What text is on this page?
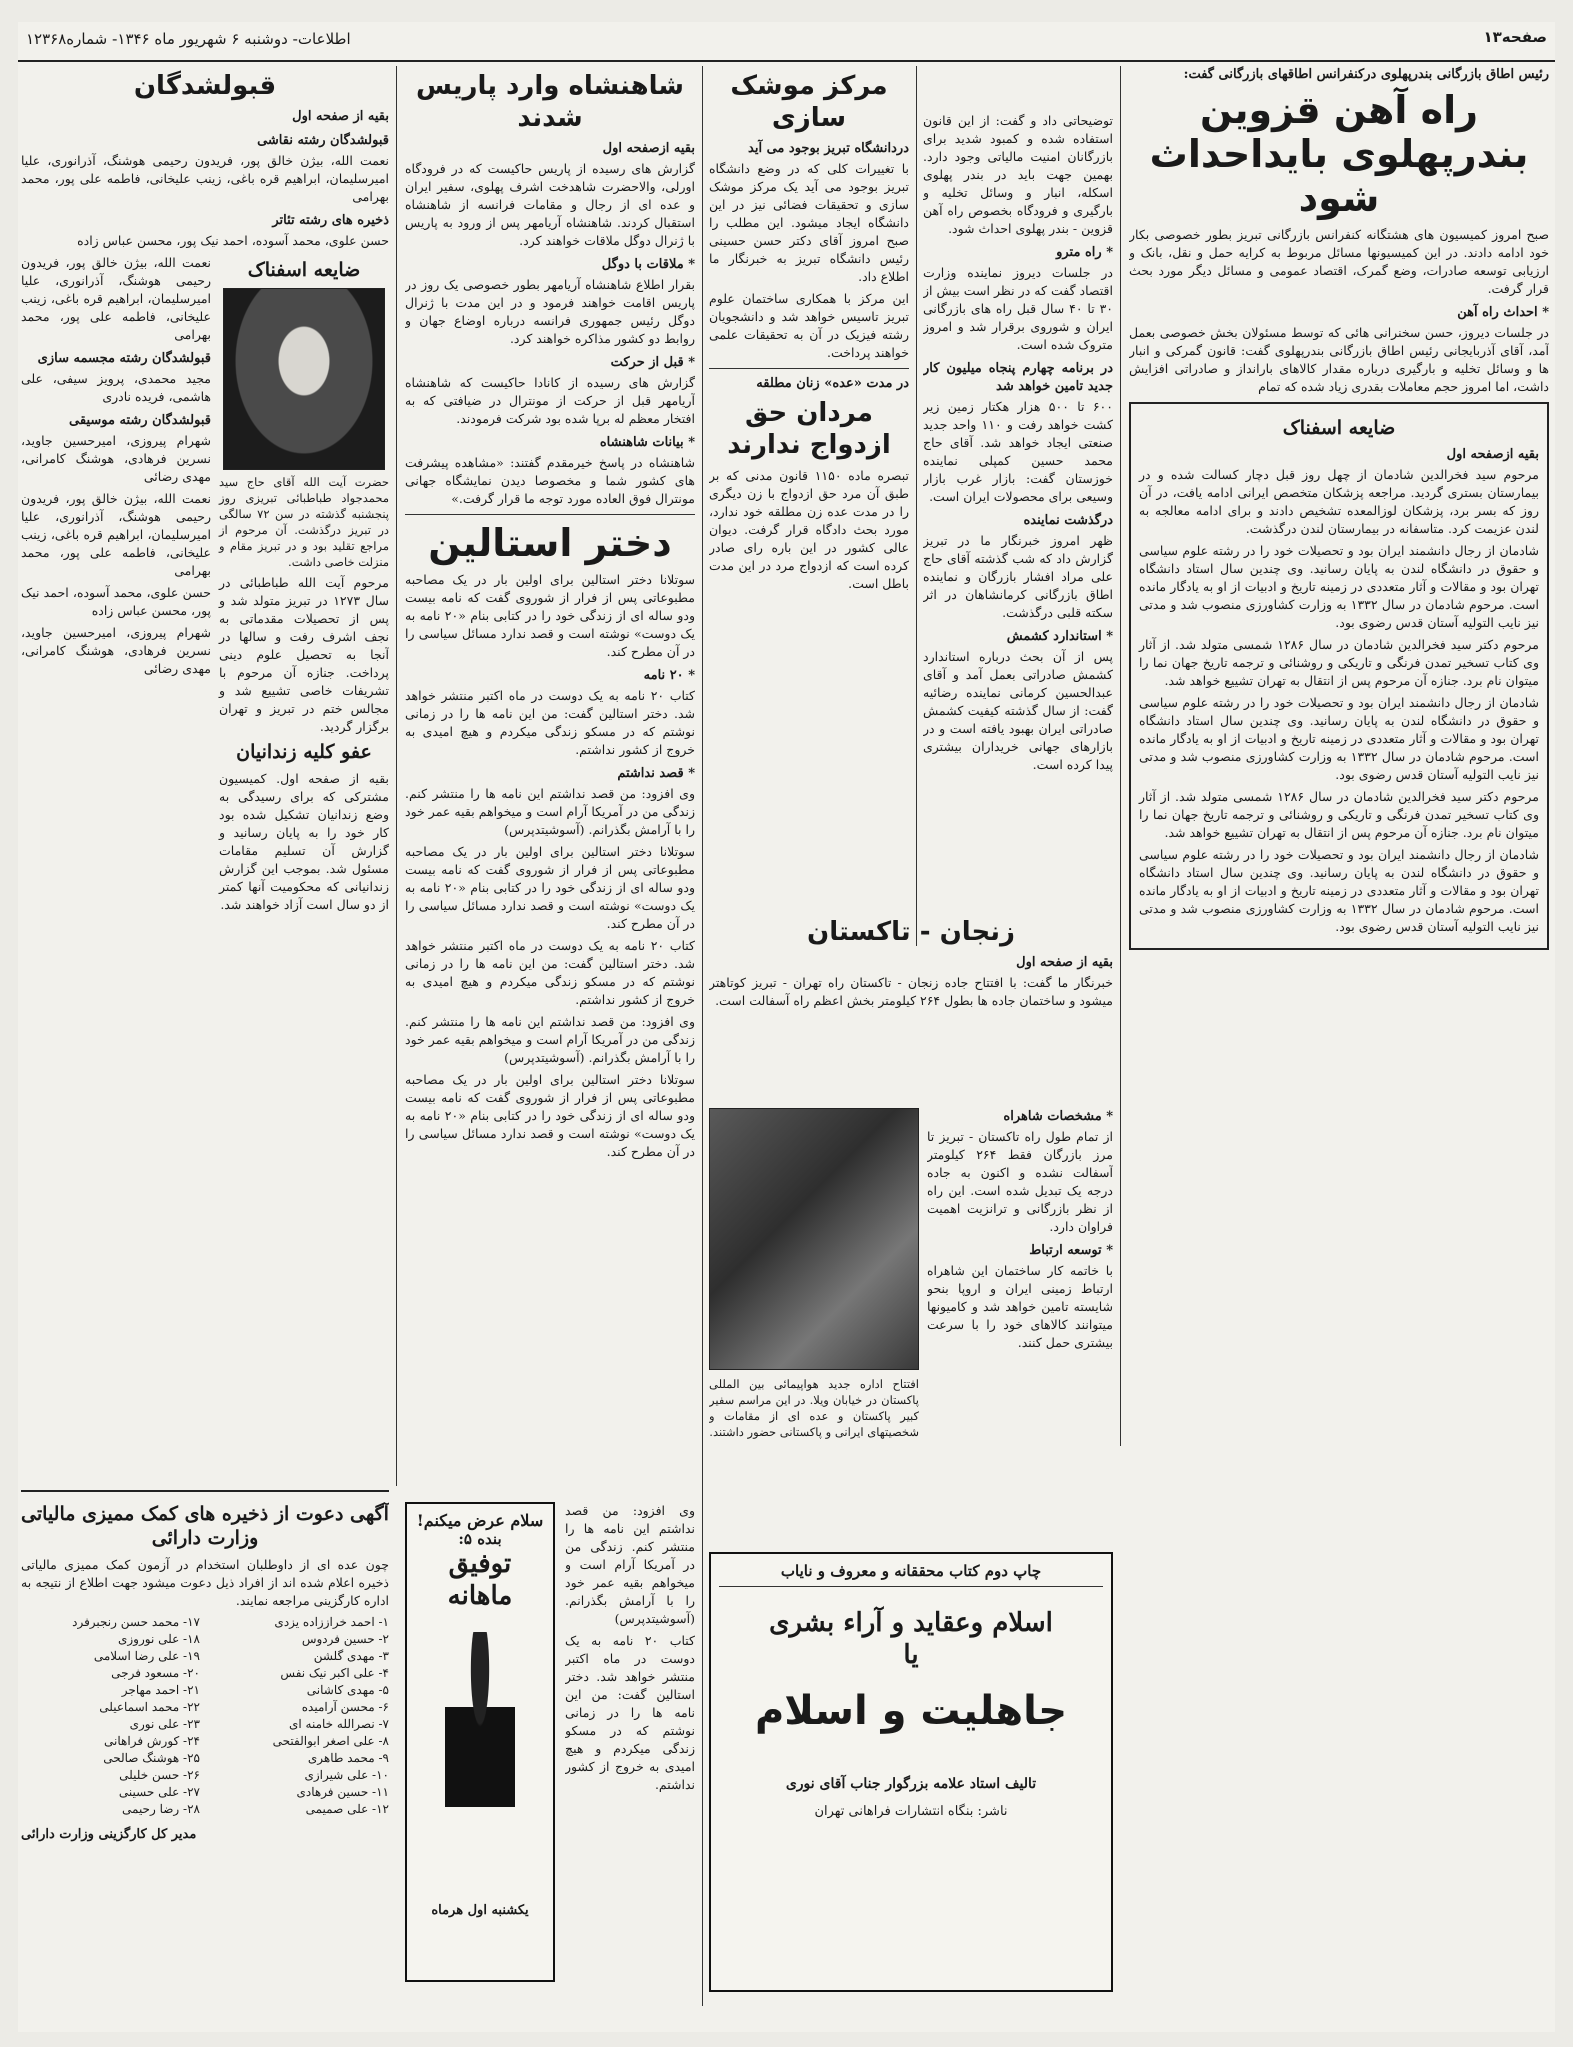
صفحه۱۳
اطلاعات- دوشنبه ۶ شهریور ماه ۱۳۴۶- شماره۱۲۳۶۸
رئیس اطاق بازرگانی بندرپهلوی درکنفرانس اطاقهای بازرگانی گفت:
راه آهن قزوین بندرپهلوی بایداحداث شود

صبح امروز کمیسیون های هشتگانه کنفرانس بازرگانی تبریز بطور خصوصی بکار خود ادامه دادند. در این کمیسیونها مسائل مربوط به کرایه حمل و نقل، بانک و ارزیابی توسعه صادرات، وضع گمرک، اقتصاد عمومی و مسائل دیگر مورد بحث قرار گرفت.

* احداث راه آهن

در جلسات دیروز، حسن سخنرانی هائی که توسط مسئولان بخش خصوصی بعمل آمد، آقای آذربایجانی رئیس اطاق بازرگانی بندرپهلوی گفت: قانون گمرکی و انبار ها و وسائل تخلیه و بارگیری درباره مقدار کالاهای بارانداز و صادراتی افزایش داشت، اما امروز حجم معاملات بقدری زیاد شده که تمام

ضایعه اسفناک
بقیه ازصفحه اول

مرحوم سید فخرالدین شادمان از چهل روز قبل دچار کسالت شده و در بیمارستان بستری گردید. مراجعه پزشکان متخصص ایرانی ادامه یافت، در آن روز که بسر برد، پزشکان لوزالمعده تشخیص دادند و برای ادامه معالجه به لندن عزیمت کرد. متاسفانه در بیمارستان لندن درگذشت.

شادمان از رجال دانشمند ایران بود و تحصیلات خود را در رشته علوم سیاسی و حقوق در دانشگاه لندن به پایان رسانید. وی چندین سال استاد دانشگاه تهران بود و مقالات و آثار متعددی در زمینه تاریخ و ادبیات از او به یادگار مانده است. مرحوم شادمان در سال ۱۳۳۲ به وزارت کشاورزی منصوب شد و مدتی نیز نایب التولیه آستان قدس رضوی بود.

مرحوم دکتر سید فخرالدین شادمان در سال ۱۲۸۶ شمسی متولد شد. از آثار وی کتاب تسخیر تمدن فرنگی و تاریکی و روشنائی و ترجمه تاریخ جهان نما را میتوان نام برد. جنازه آن مرحوم پس از انتقال به تهران تشییع خواهد شد.

شادمان از رجال دانشمند ایران بود و تحصیلات خود را در رشته علوم سیاسی و حقوق در دانشگاه لندن به پایان رسانید. وی چندین سال استاد دانشگاه تهران بود و مقالات و آثار متعددی در زمینه تاریخ و ادبیات از او به یادگار مانده است. مرحوم شادمان در سال ۱۳۳۲ به وزارت کشاورزی منصوب شد و مدتی نیز نایب التولیه آستان قدس رضوی بود.

مرحوم دکتر سید فخرالدین شادمان در سال ۱۲۸۶ شمسی متولد شد. از آثار وی کتاب تسخیر تمدن فرنگی و تاریکی و روشنائی و ترجمه تاریخ جهان نما را میتوان نام برد. جنازه آن مرحوم پس از انتقال به تهران تشییع خواهد شد.

شادمان از رجال دانشمند ایران بود و تحصیلات خود را در رشته علوم سیاسی و حقوق در دانشگاه لندن به پایان رسانید. وی چندین سال استاد دانشگاه تهران بود و مقالات و آثار متعددی در زمینه تاریخ و ادبیات از او به یادگار مانده است. مرحوم شادمان در سال ۱۳۳۲ به وزارت کشاورزی منصوب شد و مدتی نیز نایب التولیه آستان قدس رضوی بود.

توضیحاتی داد و گفت: از این قانون استفاده شده و کمبود شدید برای بازرگانان امنیت مالیاتی وجود دارد. بهمین جهت باید در بندر پهلوی اسکله، انبار و وسائل تخلیه و بارگیری و فرودگاه بخصوص راه آهن قزوین - بندر پهلوی احداث شود.

* راه مترو

در جلسات دیروز نماینده وزارت اقتصاد گفت که در نظر است بیش از ۳۰ تا ۴۰ سال قبل راه های بازرگانی ایران و شوروی برقرار شد و امروز متروک شده است.

در برنامه چهارم پنجاه میلیون کار جدید تامین خواهد شد

۶۰۰ تا ۵۰۰ هزار هکتار زمین زیر کشت خواهد رفت و ۱۱۰ واحد جدید صنعتی ایجاد خواهد شد. آقای حاج محمد حسین کمپلی نماینده خوزستان گفت: بازار غرب بازار وسیعی برای محصولات ایران است.

درگذشت نماینده

ظهر امروز خبرنگار ما در تبریز گزارش داد که شب گذشته آقای حاج علی مراد افشار بازرگان و نماینده اطاق بازرگانی کرمانشاهان در اثر سکته قلبی درگذشت.

* استاندارد کشمش

پس از آن بحث درباره استاندارد کشمش صادراتی بعمل آمد و آقای عبدالحسین کرمانی نماینده رضائیه گفت: از سال گذشته کیفیت کشمش صادراتی ایران بهبود یافته است و در بازارهای جهانی خریداران بیشتری پیدا کرده است.

مرکز موشک سازی
دردانشگاه تبریز بوجود می آید

با تغییرات کلی که در وضع دانشگاه تبریز بوجود می آید یک مرکز موشک سازی و تحقیقات فضائی نیز در این دانشگاه ایجاد میشود. این مطلب را صبح امروز آقای دکتر حسن حسینی رئیس دانشگاه تبریز به خبرنگار ما اطلاع داد.

این مرکز با همکاری ساختمان علوم تبریز تاسیس خواهد شد و دانشجویان رشته فیزیک در آن به تحقیقات علمی خواهند پرداخت.

در مدت «عده» زنان مطلقه
مردان حق ازدواج ندارند

تبصره ماده ۱۱۵۰ قانون مدنی که بر طبق آن مرد حق ازدواج با زن دیگری را در مدت عده زن مطلقه خود ندارد، مورد بحث دادگاه قرار گرفت. دیوان عالی کشور در این باره رای صادر کرده است که ازدواج مرد در این مدت باطل است.

زنجان - تاکستان
بقیه از صفحه اول

خبرنگار ما گفت: با افتتاح جاده زنجان - تاکستان راه تهران - تبریز کوتاهتر میشود و ساختمان جاده ها بطول ۲۶۴ کیلومتر بخش اعظم راه آسفالت است.

افتتاح اداره جدید هواپیمائی بین المللی پاکستان در خیابان ویلا. در این مراسم سفیر کبیر پاکستان و عده ای از مقامات و شخصیتهای ایرانی و پاکستانی حضور داشتند.

* مشخصات شاهراه

از تمام طول راه تاکستان - تبریز تا مرز بازرگان فقط ۲۶۴ کیلومتر آسفالت نشده و اکنون به جاده درجه یک تبدیل شده است. این راه از نظر بازرگانی و ترانزیت اهمیت فراوان دارد.

* توسعه ارتباط

با خاتمه کار ساختمان این شاهراه ارتباط زمینی ایران و اروپا بنحو شایسته تامین خواهد شد و کامیونها میتوانند کالاهای خود را با سرعت بیشتری حمل کنند.

چاپ دوم کتاب محققانه و معروف و نایاب
اسلام وعقاید و آراء بشری
یا
جاهلیت و اسلام
تالیف استاد علامه بزرگوار جناب آقای نوری
ناشر: بنگاه انتشارات فراهانی تهران
شاهنشاه وارد پاریس شدند
بقیه ازصفحه اول

گزارش های رسیده از پاریس حاکیست که در فرودگاه اورلی، والاحضرت شاهدخت اشرف پهلوی، سفیر ایران و عده ای از رجال و مقامات فرانسه از شاهنشاه استقبال کردند. شاهنشاه آریامهر پس از ورود به پاریس با ژنرال دوگل ملاقات خواهند کرد.

* ملاقات با دوگل

بقرار اطلاع شاهنشاه آریامهر بطور خصوصی یک روز در پاریس اقامت خواهند فرمود و در این مدت با ژنرال دوگل رئیس جمهوری فرانسه درباره اوضاع جهان و روابط دو کشور مذاکره خواهند کرد.

* قبل از حرکت

گزارش های رسیده از کانادا حاکیست که شاهنشاه آریامهر قبل از حرکت از مونترال در ضیافتی که به افتخار معظم له برپا شده بود شرکت فرمودند.

* بیانات شاهنشاه

شاهنشاه در پاسخ خیرمقدم گفتند: «مشاهده پیشرفت های کشور شما و مخصوصا دیدن نمایشگاه جهانی مونترال فوق العاده مورد توجه ما قرار گرفت.»

دختر استالین

سوتلانا دختر استالین برای اولین بار در یک مصاحبه مطبوعاتی پس از فرار از شوروی گفت که نامه بیست ودو ساله ای از زندگی خود را در کتابی بنام «۲۰ نامه به یک دوست» نوشته است و قصد ندارد مسائل سیاسی را در آن مطرح کند.

* ۲۰ نامه

کتاب ۲۰ نامه به یک دوست در ماه اکتبر منتشر خواهد شد. دختر استالین گفت: من این نامه ها را در زمانی نوشتم که در مسکو زندگی میکردم و هیچ امیدی به خروج از کشور نداشتم.

* قصد نداشتم

وی افزود: من قصد نداشتم این نامه ها را منتشر کنم. زندگی من در آمریکا آرام است و میخواهم بقیه عمر خود را با آرامش بگذرانم. (آسوشیتدپرس)

سوتلانا دختر استالین برای اولین بار در یک مصاحبه مطبوعاتی پس از فرار از شوروی گفت که نامه بیست ودو ساله ای از زندگی خود را در کتابی بنام «۲۰ نامه به یک دوست» نوشته است و قصد ندارد مسائل سیاسی را در آن مطرح کند.

کتاب ۲۰ نامه به یک دوست در ماه اکتبر منتشر خواهد شد. دختر استالین گفت: من این نامه ها را در زمانی نوشتم که در مسکو زندگی میکردم و هیچ امیدی به خروج از کشور نداشتم.

وی افزود: من قصد نداشتم این نامه ها را منتشر کنم. زندگی من در آمریکا آرام است و میخواهم بقیه عمر خود را با آرامش بگذرانم. (آسوشیتدپرس)

سوتلانا دختر استالین برای اولین بار در یک مصاحبه مطبوعاتی پس از فرار از شوروی گفت که نامه بیست ودو ساله ای از زندگی خود را در کتابی بنام «۲۰ نامه به یک دوست» نوشته است و قصد ندارد مسائل سیاسی را در آن مطرح کند.

سلام عرض میکنم!
بنده ۵:
توفیق ماهانه
یکشنبه اول هرماه

وی افزود: من قصد نداشتم این نامه ها را منتشر کنم. زندگی من در آمریکا آرام است و میخواهم بقیه عمر خود را با آرامش بگذرانم. (آسوشیتدپرس)

کتاب ۲۰ نامه به یک دوست در ماه اکتبر منتشر خواهد شد. دختر استالین گفت: من این نامه ها را در زمانی نوشتم که در مسکو زندگی میکردم و هیچ امیدی به خروج از کشور نداشتم.

قبولشدگان
بقیه از صفحه اول
قبولشدگان رشته نقاشی

نعمت الله، بیژن خالق پور، فریدون رحیمی هوشنگ، آذرانوری، علیا امیرسلیمان، ابراهیم قره باغی، زینب علیخانی، فاطمه علی پور، محمد بهرامی

ذخیره های رشته تئاتر

حسن علوی، محمد آسوده، احمد نیک پور، محسن عباس زاده

ضایعه اسفناک

حضرت آیت الله آقای حاج سید محمدجواد طباطبائی تبریزی روز پنجشنبه گذشته در سن ۷۲ سالگی در تبریز درگذشت. آن مرحوم از مراجع تقلید بود و در تبریز مقام و منزلت خاصی داشت.

مرحوم آیت الله طباطبائی در سال ۱۲۷۳ در تبریز متولد شد و پس از تحصیلات مقدماتی به نجف اشرف رفت و سالها در آنجا به تحصیل علوم دینی پرداخت. جنازه آن مرحوم با تشریفات خاصی تشییع شد و مجالس ختم در تبریز و تهران برگزار گردید.

عفو کلیه زندانیان

بقیه از صفحه اول. کمیسیون مشترکی که برای رسیدگی به وضع زندانیان تشکیل شده بود کار خود را به پایان رسانید و گزارش آن تسلیم مقامات مسئول شد. بموجب این گزارش زندانیانی که محکومیت آنها کمتر از دو سال است آزاد خواهند شد.

نعمت الله، بیژن خالق پور، فریدون رحیمی هوشنگ، آذرانوری، علیا امیرسلیمان، ابراهیم قره باغی، زینب علیخانی، فاطمه علی پور، محمد بهرامی

قبولشدگان رشته مجسمه سازی

مجید محمدی، پرویز سیفی، علی هاشمی، فریده نادری

قبولشدگان رشته موسیقی

شهرام پیروزی، امیرحسین جاوید، نسرین فرهادی، هوشنگ کامرانی، مهدی رضائی

نعمت الله، بیژن خالق پور، فریدون رحیمی هوشنگ، آذرانوری، علیا امیرسلیمان، ابراهیم قره باغی، زینب علیخانی، فاطمه علی پور، محمد بهرامی

حسن علوی، محمد آسوده، احمد نیک پور، محسن عباس زاده

شهرام پیروزی، امیرحسین جاوید، نسرین فرهادی، هوشنگ کامرانی، مهدی رضائی

آگهی دعوت از ذخیره های کمک ممیزی مالیاتی وزارت دارائی

چون عده ای از داوطلبان استخدام در آزمون کمک ممیزی مالیاتی ذخیره اعلام شده اند از افراد ذیل دعوت میشود جهت اطلاع از نتیجه به اداره کارگزینی مراجعه نمایند.

۱- احمد خراززاده یزدی
۲- حسین فردوس
۳- مهدی گلشن
۴- علی اکبر نیک نفس
۵- مهدی کاشانی
۶- محسن آرامیده
۷- نصرالله خامنه ای
۸- علی اصغر ابوالفتحی
۹- محمد طاهری
۱۰- علی شیرازی
۱۱- حسین فرهادی
۱۲- علی صمیمی
۱۷- محمد حسن رنجبرفرد
۱۸- علی نوروزی
۱۹- علی رضا اسلامی
۲۰- مسعود فرجی
۲۱- احمد مهاجر
۲۲- محمد اسماعیلی
۲۳- علی نوری
۲۴- کورش فراهانی
۲۵- هوشنگ صالحی
۲۶- حسن خلیلی
۲۷- علی حسینی
۲۸- رضا رحیمی
مدیر کل کارگزینی وزارت دارائی
